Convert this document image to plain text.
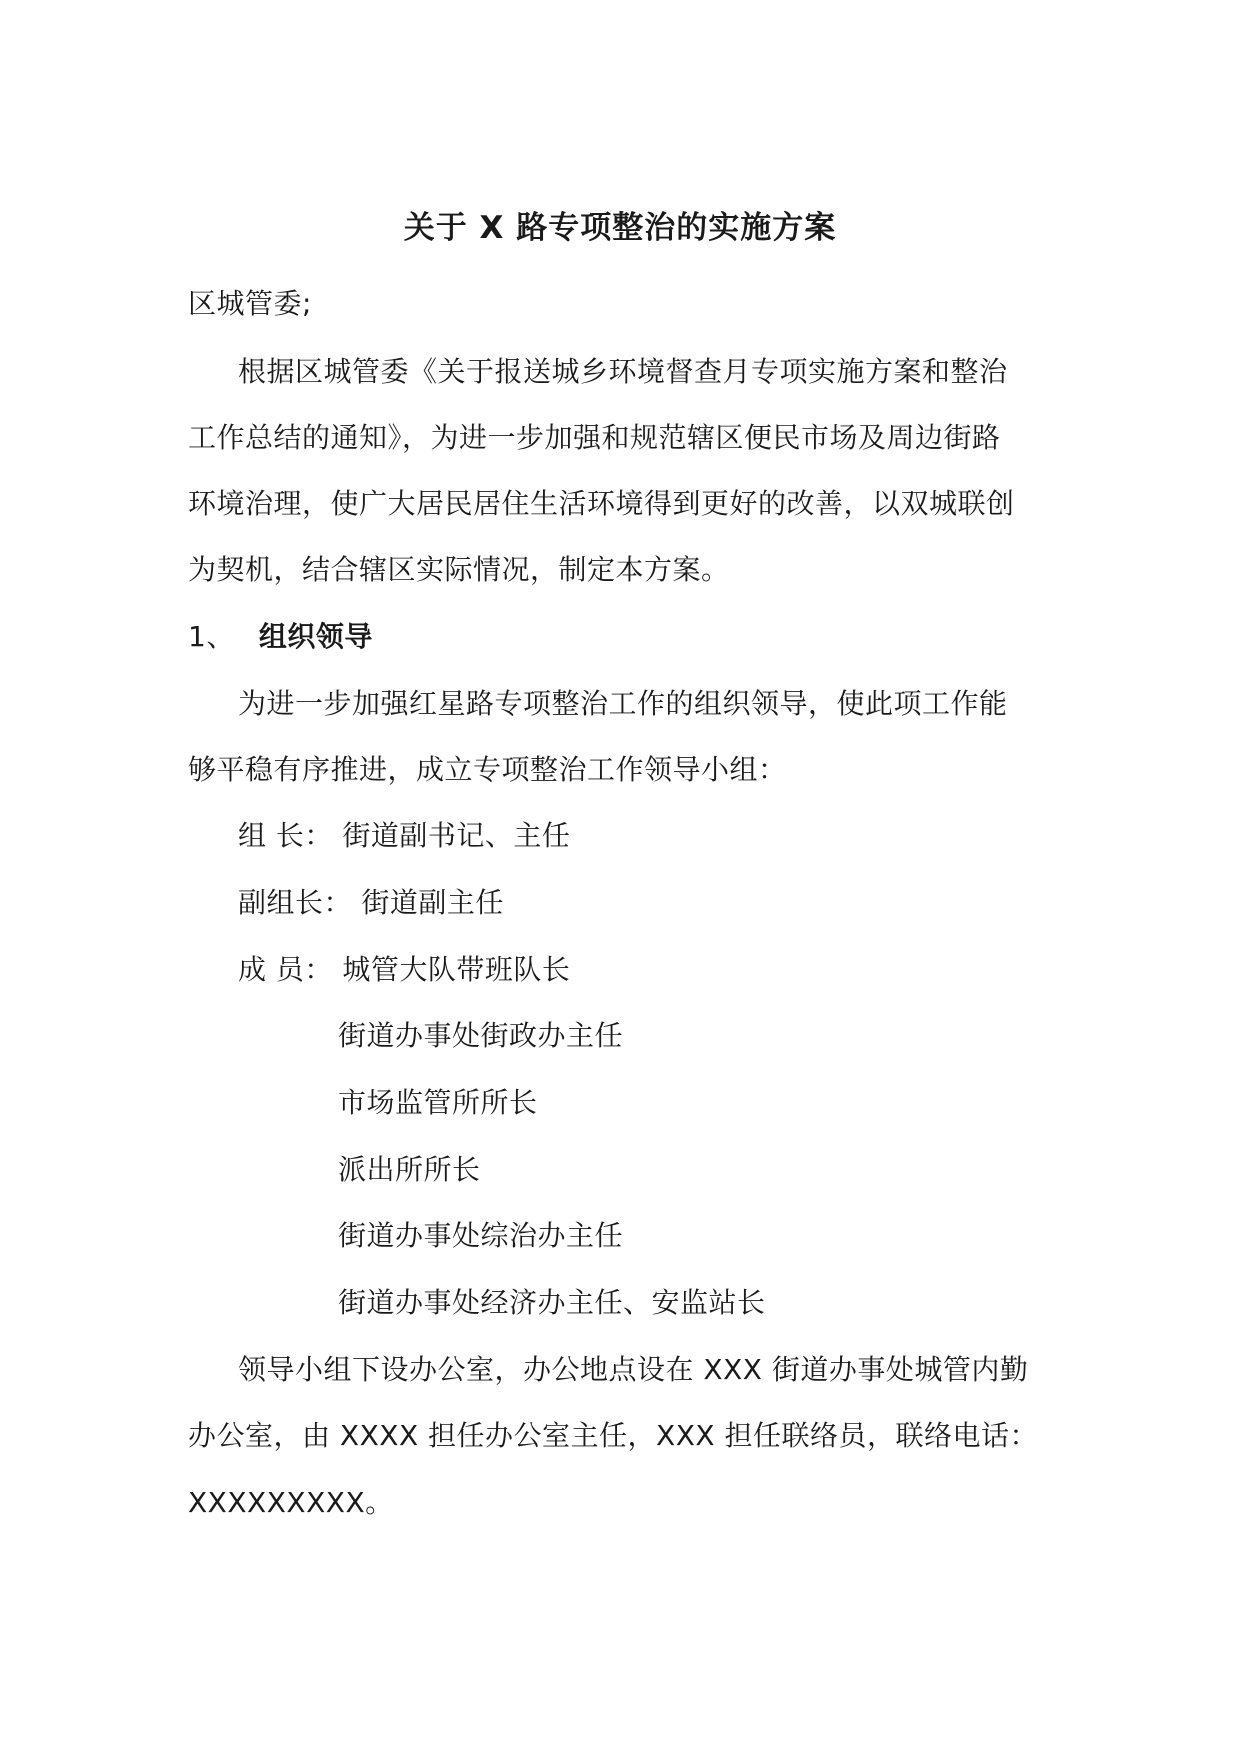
关于 X 路专项整治的实施方案
区城管委;
根据区城管委《关于报送城乡环境督查月专项实施方案和整治
工作总结的通知》，为进一步加强和规范辖区便民市场及周边街路
环境治理，使广大居民居住生活环境得到更好的改善，以双城联创
为契机，结合辖区实际情况，制定本方案。
1、 组织领导
为进一步加强红星路专项整治工作的组织领导，使此项工作能
够平稳有序推进，成立专项整治工作领导小组：
组 长： 街道副书记、主任
副组长： 街道副主任
成 员： 城管大队带班队长
街道办事处街政办主任
市场监管所所长
派出所所长
街道办事处综治办主任
街道办事处经济办主任、安监站长
领导小组下设办公室，办公地点设在 XXX 街道办事处城管内勤
办公室，由 XXXX 担任办公室主任，XXX 担任联络员，联络电话：
XXXXXXXXX。
